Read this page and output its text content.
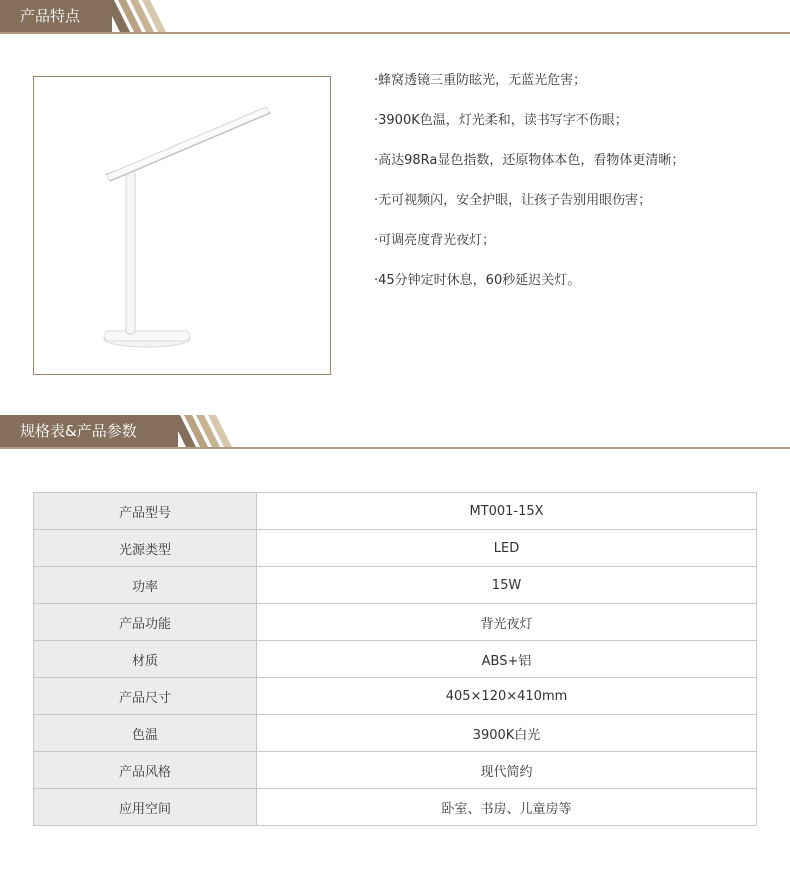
产品特点
·蜂窝透镜三重防眩光，无蓝光危害；
·3900K色温，灯光柔和，读书写字不伤眼；
·高达98Ra显色指数，还原物体本色，看物体更清晰；
·无可视频闪，安全护眼，让孩子告别用眼伤害；
·可调亮度背光夜灯；
·45分钟定时休息，60秒延迟关灯。
规格表&产品参数
产品型号	MT001-15X
光源类型	LED
功率	15W
产品功能	背光夜灯
材质	ABS+铝
产品尺寸	405×120×410mm
色温	3900K白光
产品风格	现代简约
应用空间	卧室、书房、儿童房等
